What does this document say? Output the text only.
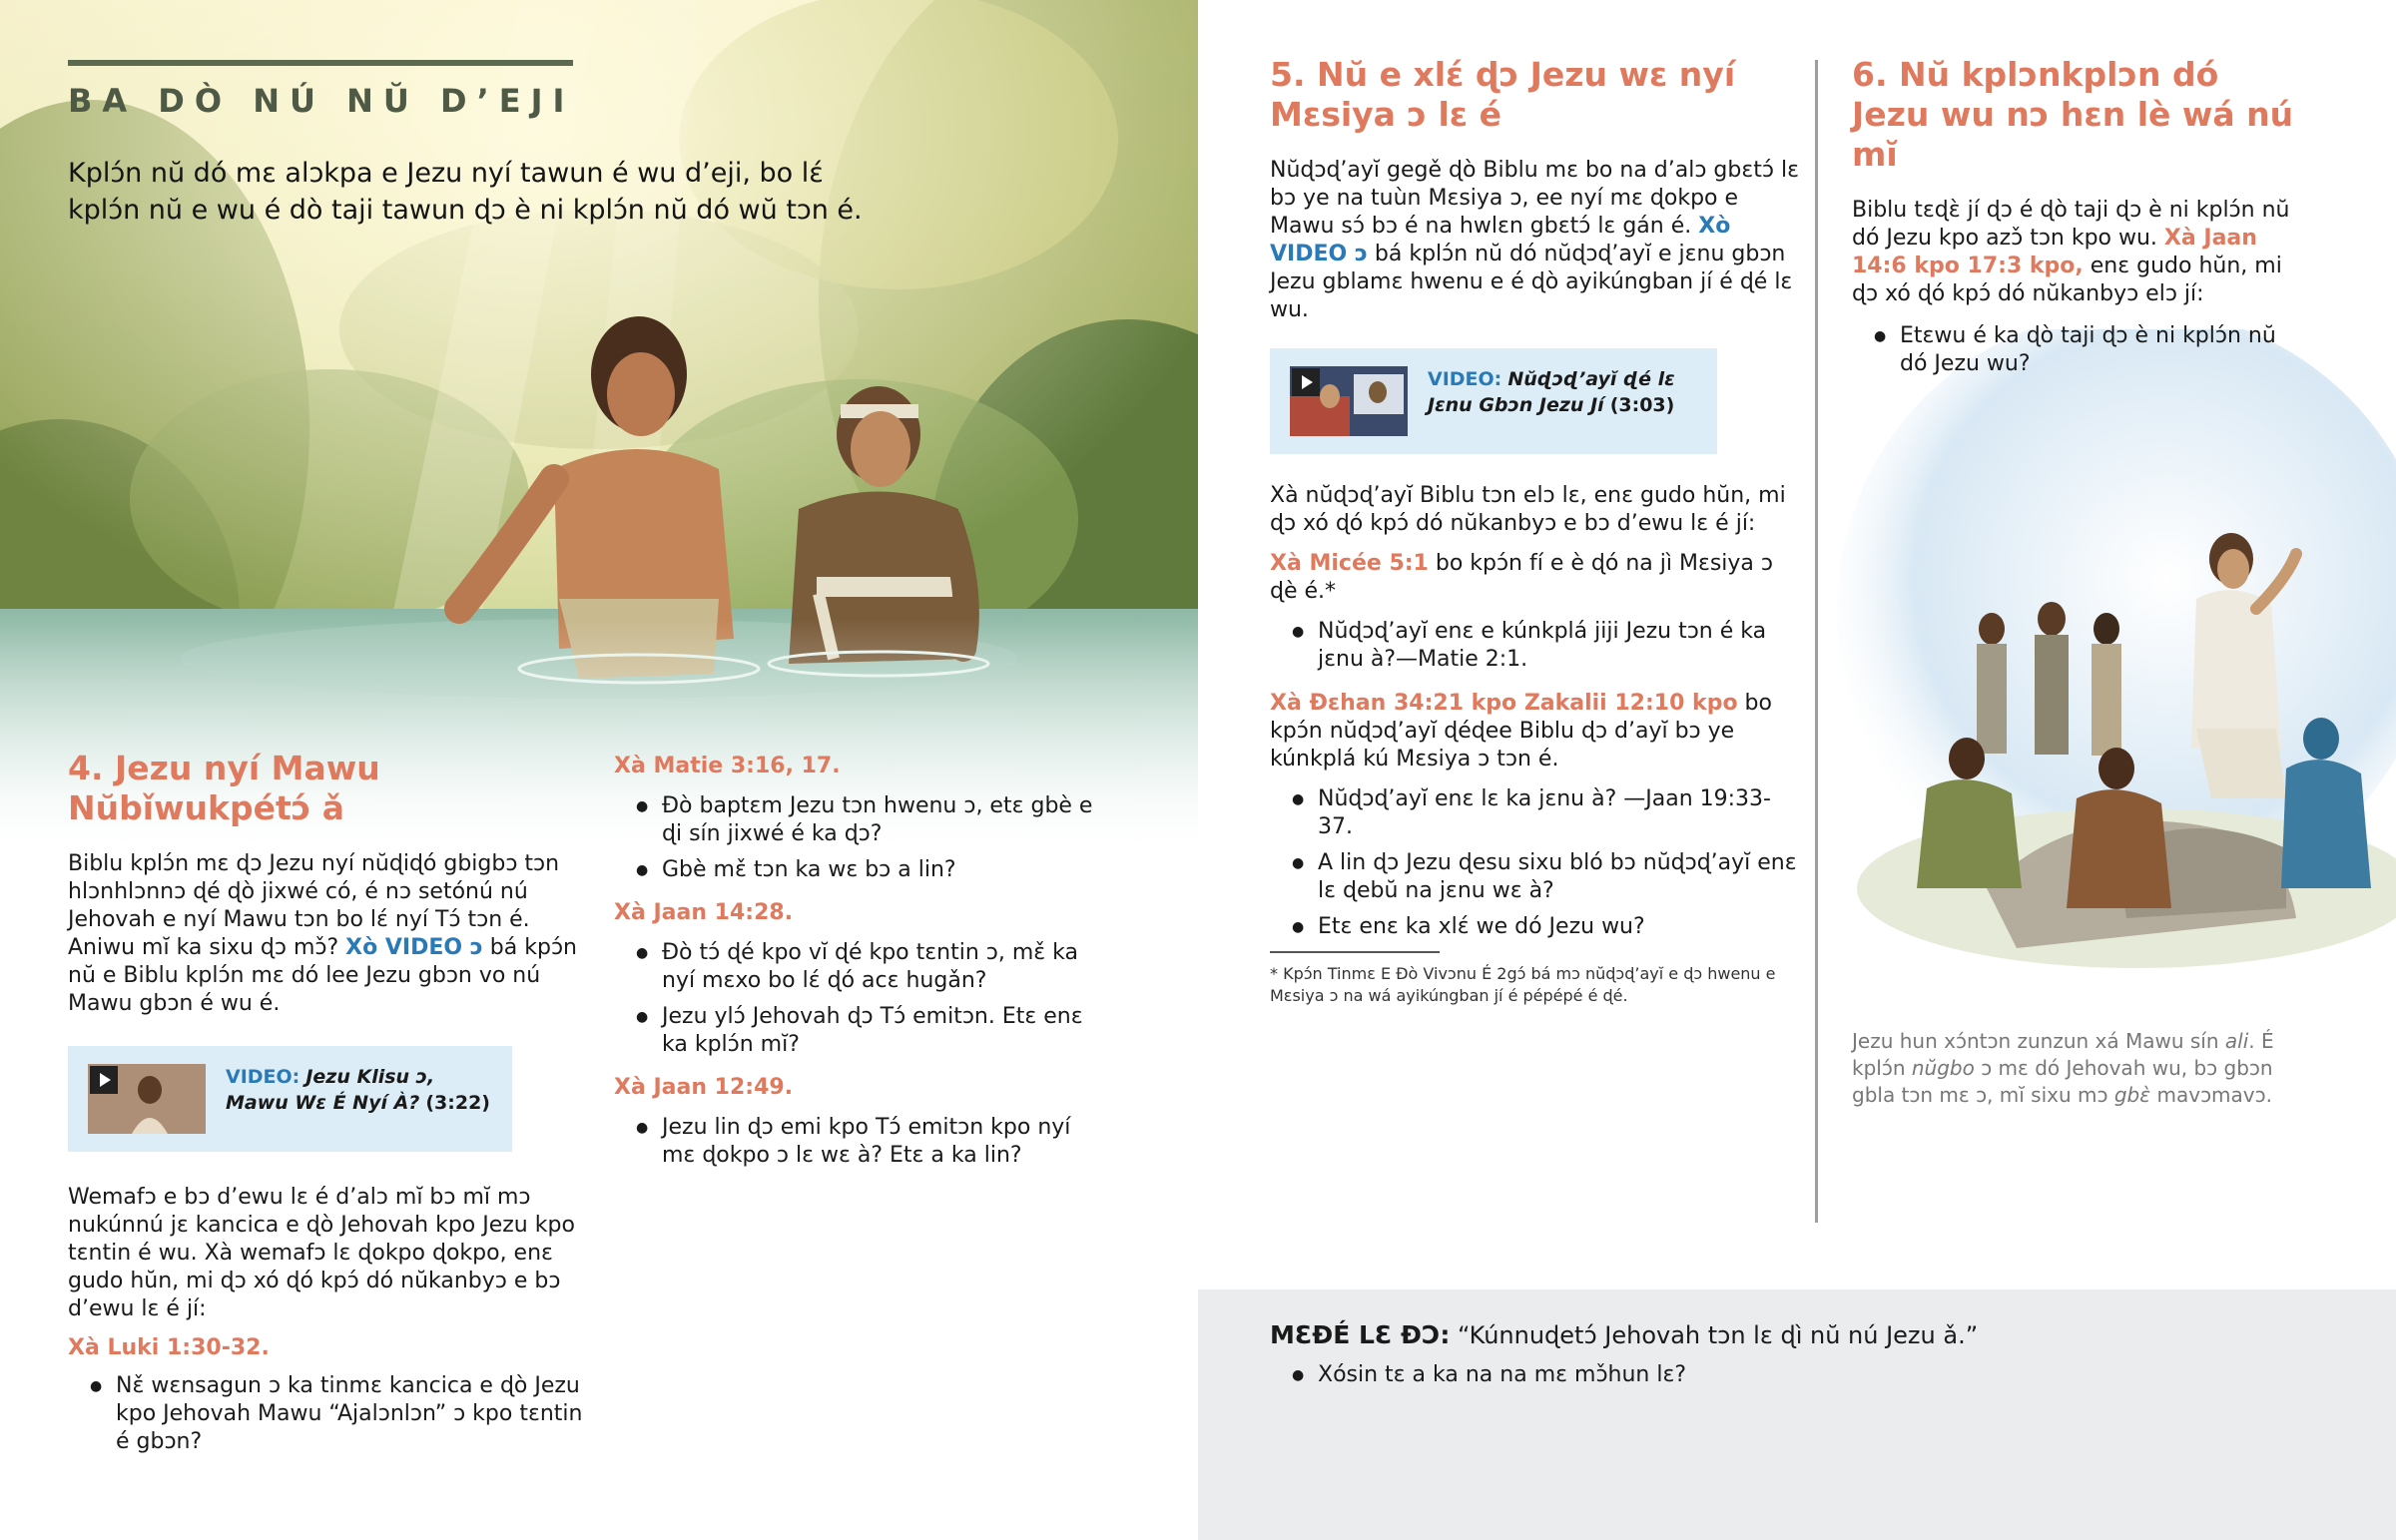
BA DÒ NÚ NŬ D’EJI
Kplɔ́n nŭ dó mɛ alɔkpa e Jezu nyí tawun é wu d’eji, bo lɛ́ kplɔ́n nŭ e wu é dò taji tawun ɖɔ è ni kplɔ́n nŭ dó wŭ tɔn é.
4. Jezu nyí Mawu Nŭbǐwukpétɔ́ ǎ

Biblu kplɔ́n mɛ ɖɔ Jezu nyí nŭɖiɖó gbigbɔ tɔn hlɔnhlɔnnɔ ɖé ɖò jixwé có, é nɔ setónú nú Jehovah e nyí Mawu tɔn bo lɛ́ nyí Tɔ́ tɔn é. Aniwu mĭ ka sixu ɖɔ mɔ̌? Xò VIDEO ɔ bá kpɔ́n nŭ e Biblu kplɔ́n mɛ dó lee Jezu gbɔn vo nú Mawu gbɔn é wu é.

VIDEO: Jezu Klisu ɔ, Mawu Wɛ É Nyí À? (3:22)

Wemafɔ e bɔ d’ewu lɛ é d’alɔ mĭ bɔ mĭ mɔ nukúnnú jɛ kancica e ɖò Jehovah kpo Jezu kpo tɛntin é wu. Xà wemafɔ lɛ ɖokpo ɖokpo, enɛ gudo hŭn, mi ɖɔ xó ɖó kpɔ́ dó nŭkanbyɔ e bɔ d’ewu lɛ é jí:

Xà Luki 1:30-32.

● Nɛ̌ wɛnsagun ɔ ka tinmɛ kancica e ɖò Jezu kpo Jehovah Mawu “Ajalɔnlɔn” ɔ kpo tɛntin é gbɔn?

Xà Matie 3:16, 17.

● Ðò baptɛm Jezu tɔn hwenu ɔ, etɛ gbè e ɖi sín jixwé é ka ɖɔ?
● Gbè mɛ̌ tɔn ka wɛ bɔ a lin?

Xà Jaan 14:28.

● Ðò tɔ́ ɖé kpo vĭ ɖé kpo tɛntin ɔ, mɛ̌ ka nyí mɛxo bo lɛ́ ɖó acɛ hugǎn?
● Jezu ylɔ́ Jehovah ɖɔ Tɔ́ emitɔn. Etɛ enɛ ka kplɔ́n mĭ?

Xà Jaan 12:49.

● Jezu lin ɖɔ emi kpo Tɔ́ emitɔn kpo nyí mɛ ɖokpo ɔ lɛ wɛ à? Etɛ a ka lin?
5. Nŭ e xlɛ́ ɖɔ Jezu wɛ nyí Mɛsiya ɔ lɛ é

Nŭɖɔɖ’ayĭ gegě ɖò Biblu mɛ bo na d’alɔ gbɛtɔ́ lɛ bɔ ye na tuùn Mɛsiya ɔ, ee nyí mɛ ɖokpo e Mawu sɔ́ bɔ é na hwlɛn gbɛtɔ́ lɛ gán é. Xò VIDEO ɔ bá kplɔ́n nŭ dó nŭɖɔɖ’ayĭ e jɛnu gbɔn Jezu gblamɛ hwenu e é ɖò ayikúngban jí é ɖé lɛ wu.

VIDEO: Nŭɖɔɖ’ayĭ ɖé lɛ Jɛnu Gbɔn Jezu Jí (3:03)

Xà nŭɖɔɖ’ayĭ Biblu tɔn elɔ lɛ, enɛ gudo hŭn, mi ɖɔ xó ɖó kpɔ́ dó nŭkanbyɔ e bɔ d’ewu lɛ é jí:

Xà Micée 5:1 bo kpɔ́n fí e è ɖó na jì Mɛsiya ɔ ɖè é.*

● Nŭɖɔɖ’ayĭ enɛ e kúnkplá jiji Jezu tɔn é ka jɛnu à?—Matie 2:1.

Xà Ðɛhan 34:21 kpo Zakalii 12:10 kpo bo kpɔ́n nŭɖɔɖ’ayĭ ɖéɖee Biblu ɖɔ d’ayĭ bɔ ye kúnkplá kú Mɛsiya ɔ tɔn é.

● Nŭɖɔɖ’ayĭ enɛ lɛ ka jɛnu à? —Jaan 19:33-37.
● A lin ɖɔ Jezu ɖesu sixu bló bɔ nŭɖɔɖ’ayĭ enɛ lɛ ɖebŭ na jɛnu wɛ à?
● Etɛ enɛ ka xlɛ́ we dó Jezu wu?

* Kpɔ́n Tinmɛ E Ðò Vivɔnu É 2gɔ́ bá mɔ nŭɖɔɖ’ayĭ e ɖɔ hwenu e Mɛsiya ɔ na wá ayikúngban jí é pépépé é ɖé.

6. Nŭ kplɔnkplɔn dó Jezu wu nɔ hɛn lè wá nú mĭ

Biblu tɛɖɛ̀ jí ɖɔ é ɖò taji ɖɔ è ni kplɔ́n nŭ dó Jezu kpo azɔ̌ tɔn kpo wu. Xà Jaan 14:6 kpo 17:3 kpo, enɛ gudo hŭn, mi ɖɔ xó ɖó kpɔ́ dó nŭkanbyɔ elɔ jí:

● Etɛwu é ka ɖò taji ɖɔ è ni kplɔ́n nŭ dó Jezu wu?

Jezu hun xɔ́ntɔn zunzun xá Mawu sín ali. É kplɔ́n nŭgbo ɔ mɛ dó Jehovah wu, bɔ gbɔn gbla tɔn mɛ ɔ, mĭ sixu mɔ gbɛ̀ mavɔmavɔ.

MƐƉÉ LƐ ƉƆ: “Kúnnuɖetɔ́ Jehovah tɔn lɛ ɖì nŭ nú Jezu ǎ.”

● Xósin tɛ a ka na na mɛ mɔ̌hun lɛ?
